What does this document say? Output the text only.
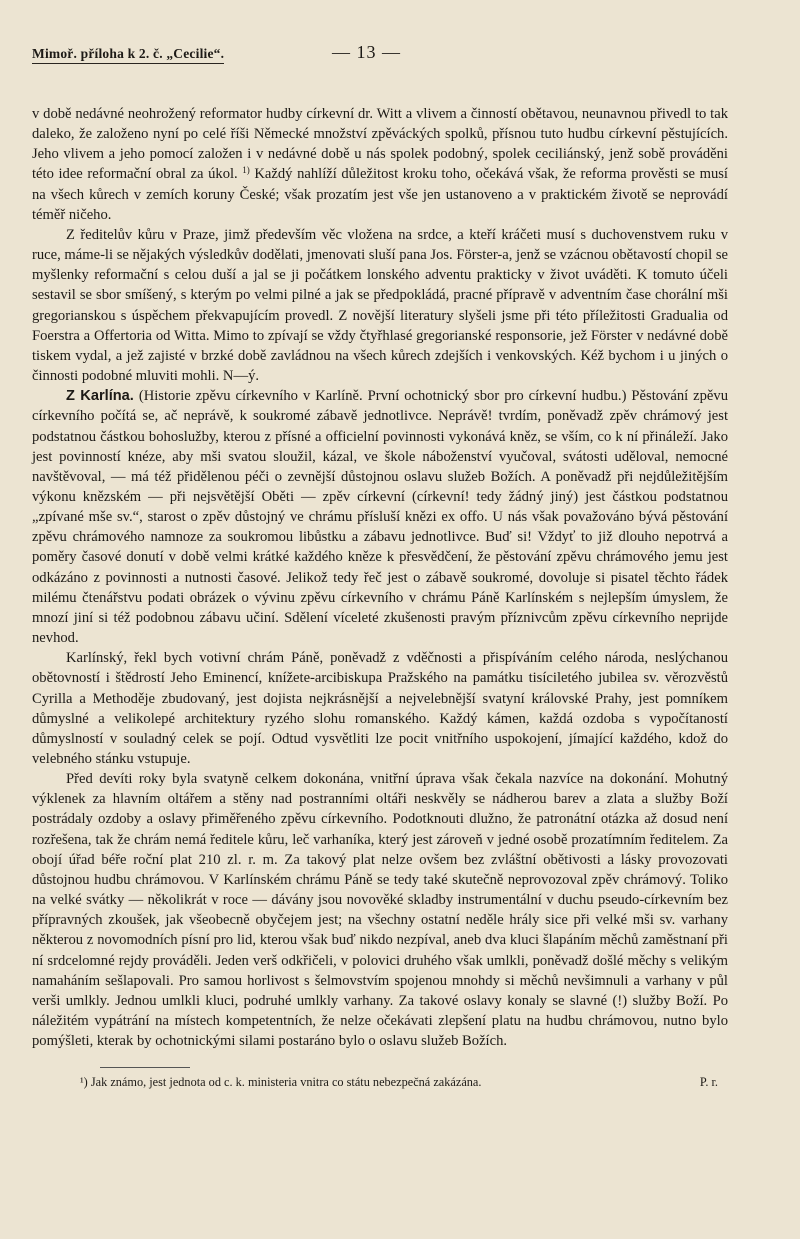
Mimoř. příloha k 2. č. „Cecilie“.	— 13 —

v době nedávné neohrožený reformator hudby církevní dr. Witt a vlivem a činností obětavou, neunavnou přivedl to tak daleko, že založeno nyní po celé říši Německé množství zpěváckých spolků, přísnou tuto hudbu církevní pěstujících. Jeho vlivem a jeho pomocí založen i v nedávné době u nás spolek podobný, spolek ceciliánský, jenž sobě prováděni této idee reformační obral za úkol. $^{1)}$ Každý nahlíží důležitost kroku toho, očekává však, že reforma prověsti se musí na všech kůrech v zemích koruny České; však prozatím jest vše jen ustanoveno a v praktickém životě se neprovádí téměř ničeho.

Z ředitelův kůru v Praze, jimž především věc vložena na srdce, a kteří kráčeti musí s duchovenstvem ruku v ruce, máme-li se nějakých výsledkův dodělati, jmenovati sluší pana Jos. Förster-a, jenž se vzácnou obětavostí chopil se myšlenky reformační s celou duší a jal se ji počátkem lonského adventu prakticky v život uváděti. K tomuto účeli sestavil se sbor smíšený, s kterým po velmi pilné a jak se předpokládá, pracné přípravě v adventním čase chorální mši gregorianskou s úspěchem překvapujícím provedl. Z novější literatury slyšeli jsme při této příležitosti Gradualia od Foerstra a Offertoria od Witta. Mimo to zpívají se vždy čtyřhlasé gregorianské responsorie, jež Förster v nedávné době tiskem vydal, a jež zajisté v brzké době zavládnou na všech kůrech zdejších i venkovských. Kéž bychom i u jiných o činnosti podobné mluviti mohli. N—ý.

Z Karlína. (Historie zpěvu církevního v Karlíně. První ochotnický sbor pro církevní hudbu.) Pěstování zpěvu církevního počítá se, ač neprávě, k soukromé zábavě jednotlivce. Neprávě! tvrdím, poněvadž zpěv chrámový jest podstatnou částkou bohoslužby, kterou z přísné a officielní povinnosti vykonává kněz, se vším, co k ní přináleží. Jako jest povinností knéze, aby mši svatou sloužil, kázal, ve škole náboženství vyučoval, svátosti uděloval, nemocné navštěvoval, — má též přidělenou péči o zevnější důstojnou oslavu služeb Božích. A poněvadž při nejdůležitějším výkonu knězském — při nejsvětější Oběti — zpěv církevní (církevní! tedy žádný jiný) jest částkou podstatnou „zpívané mše sv.“, starost o zpěv důstojný ve chrámu přísluší knězi ex offo. U nás však považováno bývá pěstování zpěvu chrámového namnoze za soukromou libůstku a zábavu jednotlivce. Buď si! Vždyť to již dlouho nepotrvá a poměry časové donutí v době velmi krátké každého kněze k přesvědčení, že pěstování zpěvu chrámového jemu jest odkázáno z povinnosti a nutnosti časové. Jelikož tedy řeč jest o zábavě soukromé, dovoluje si pisatel těchto řádek milému čtenářstvu podati obrázek o vývinu zpěvu církevního v chrámu Páně Karlínském s nejlepším úmyslem, že mnozí jiní si též podobnou zábavu učiní. Sdělení víceleté zkušenosti pravým příznivcům zpěvu církevního neprijde nevhod.

Karlínský, řekl bych votivní chrám Páně, poněvadž z vděčnosti a přispíváním celého národa, neslýchanou obětovností i štědrostí Jeho Eminencí, knížete-arcibiskupa Pražského na památku tisíciletého jubilea sv. věrozvěstů Cyrilla a Methoděje zbudovaný, jest dojista nejkrásnější a nejvelebnější svatyní královské Prahy, jest pomníkem důmyslné a velikolepé architektury ryzého slohu romanského. Každý kámen, každá ozdoba s vypočítaností důmyslností v souladný celek se pojí. Odtud vysvětliti lze pocit vnitřního uspokojení, jímající každého, kdož do velebného stánku vstupuje.

Před devíti roky byla svatyně celkem dokonána, vnitřní úprava však čekala nazvíce na dokonání. Mohutný výklenek za hlavním oltářem a stěny nad postranními oltáři neskvěly se nádherou barev a zlata a služby Boží postrádaly ozdoby a oslavy přiměřeného zpěvu církevního. Podotknouti dlužno, že patronátní otázka až dosud není rozřešena, tak že chrám nemá ředitele kůru, leč varhaníka, který jest zároveň v jedné osobě prozatímním ředitelem. Za obojí úřad béře roční plat 210 zl. r. m. Za takový plat nelze ovšem bez zvláštní obětivosti a lásky provozovati důstojnou hudbu chrámovou. V Karlínském chrámu Páně se tedy také skutečně neprovozoval zpěv chrámový. Toliko na velké svátky — několikrát v roce — dávány jsou novověké skladby instrumentální v duchu pseudo-církevním bez přípravných zkoušek, jak všeobecně obyčejem jest; na všechny ostatní neděle hrály sice při velké mši sv. varhany některou z novomodních písní pro lid, kterou však buď nikdo nezpíval, aneb dva kluci šlapáním měchů zaměstnaní při ní srdcelomné rejdy prováděli. Jeden verš odkřičeli, v polovici druhého však umlkli, poněvadž došlé měchy s velikým namaháním sešlapovali. Pro samou horlivost s šelmovstvím spojenou mnohdy si měchů nevšimnuli a varhany v půl verši umlkly. Jednou umlkli kluci, podruhé umlkly varhany. Za takové oslavy konaly se slavné (!) služby Boží. Po náležitém vypátrání na místech kompetentních, že nelze očekávati zlepšení platu na hudbu chrámovou, nutno bylo pomýšleti, kterak by ochotnickými silami postaráno bylo o oslavu služeb Božích.

P. r.
¹) Jak známo, jest jednota od c. k. ministeria vnitra co státu nebezpečná zakázána.
